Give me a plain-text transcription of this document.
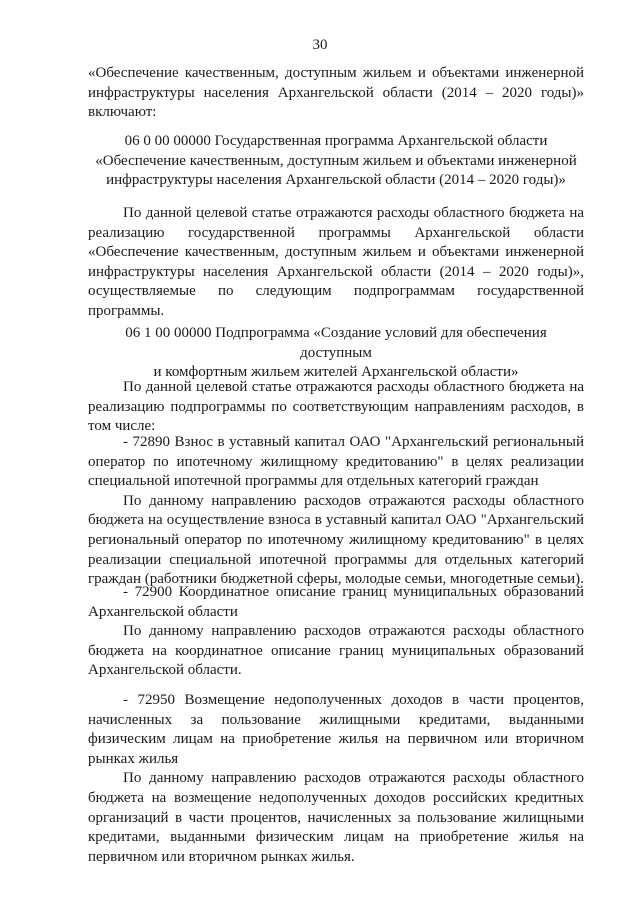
30
«Обеспечение качественным, доступным жильем и объектами инженерной
инфраструктуры населения Архангельской области (2014 – 2020 годы)»
включают:
06 0 00 00000 Государственная программа Архангельской области
«Обеспечение качественным, доступным жильем и объектами инженерной
инфраструктуры населения Архангельской области (2014 – 2020 годы)»
По данной целевой статье отражаются расходы областного бюджета на
реализацию государственной программы Архангельской области
«Обеспечение качественным, доступным жильем и объектами инженерной
инфраструктуры населения Архангельской области (2014 – 2020 годы)»,
осуществляемые по следующим подпрограммам государственной
программы.
06 1 00 00000 Подпрограмма «Создание условий для обеспечения доступным
и комфортным жильем жителей Архангельской области»
По данной целевой статье отражаются расходы областного бюджета на
реализацию подпрограммы по соответствующим направлениям расходов, в
том числе:
- 72890 Взнос в уставный капитал ОАО "Архангельский региональный
оператор по ипотечному жилищному кредитованию" в целях реализации
специальной ипотечной программы для отдельных категорий граждан
По данному направлению расходов отражаются расходы областного
бюджета на осуществление взноса в уставный капитал ОАО "Архангельский
региональный оператор по ипотечному жилищному кредитованию" в целях
реализации специальной ипотечной программы для отдельных категорий
граждан (работники бюджетной сферы, молодые семьи, многодетные семьи).
- 72900 Координатное описание границ муниципальных образований
Архангельской области
По данному направлению расходов отражаются расходы областного
бюджета на координатное описание границ муниципальных образований
Архангельской области.
- 72950 Возмещение недополученных доходов в части процентов,
начисленных за пользование жилищными кредитами, выданными
физическим лицам на приобретение жилья на первичном или вторичном
рынках жилья
По данному направлению расходов отражаются расходы областного
бюджета на возмещение недополученных доходов российских кредитных
организаций в части процентов, начисленных за пользование жилищными
кредитами, выданными физическим лицам на приобретение жилья на
первичном или вторичном рынках жилья.
